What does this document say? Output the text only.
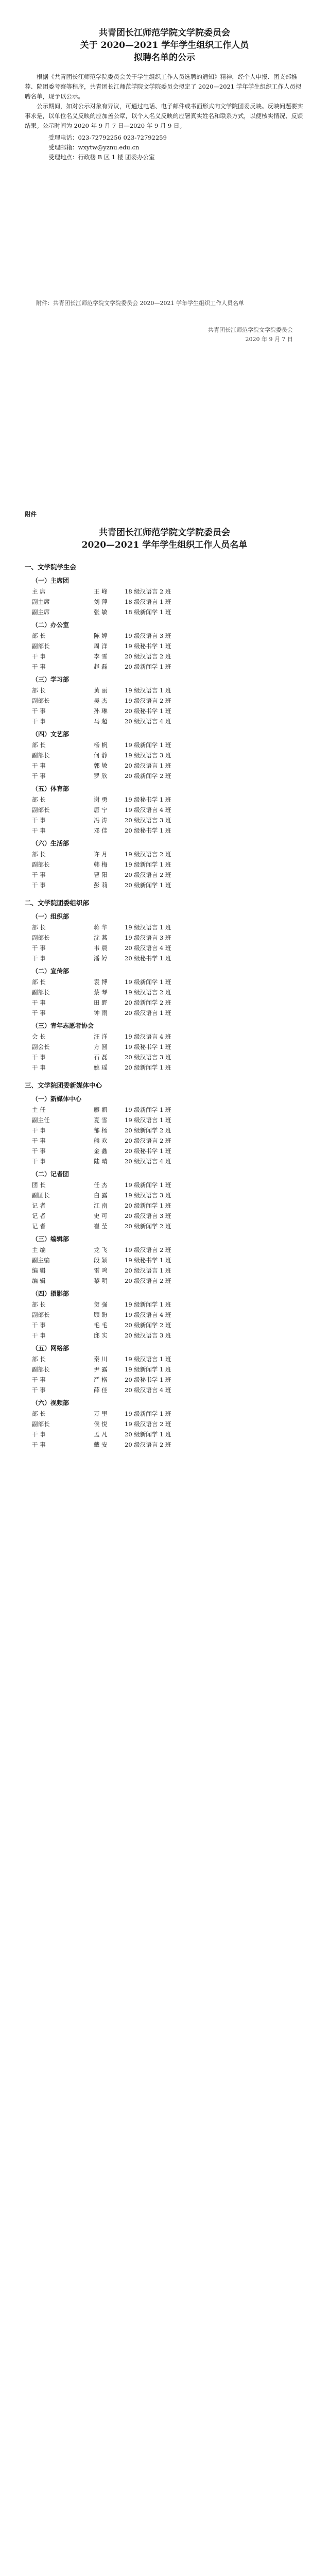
共青团长江师范学院文学院委员会
关于 2020—2021 学年学生组织工作人员
拟聘名单的公示

根据《共青团长江师范学院委员会关于学生组织工作人员选聘的通知》精神，经个人申报、团支部推荐、院团委考察等程序，共青团长江师范学院文学院委员会拟定了 2020—2021 学年学生组织工作人员拟聘名单，现予以公示。

公示期间，如对公示对象有异议，可通过电话、电子邮件或书面形式向文学院团委反映。反映问题要实事求是，以单位名义反映的应加盖公章，以个人名义反映的应署真实姓名和联系方式，以便核实情况、反馈结果。公示时间为 2020 年 9 月 7 日—2020 年 9 月 9 日。

受理电话：023-72792256 023-72792259

受理邮箱：wxytw@yznu.edu.cn

受理地点：行政楼 B 区 1 楼 团委办公室

附件：共青团长江师范学院文学院委员会 2020—2021 学年学生组织工作人员名单

共青团长江师范学院文学院委员会
2020 年 9 月 7 日
附件
共青团长江师范学院文学院委员会
2020—2021 学年学生组织工作人员名单
一、文学院学生会
（一）主席团
主 席	王 峰	18 级汉语言 2 班
副主席	刘 萍	18 级汉语言 1 班
副主席	张 敏	18 级新闻学 1 班
（二）办公室
部 长	陈 婷	19 级汉语言 3 班
副部长	周 洋	19 级秘书学 1 班
干 事	李 雪	20 级汉语言 2 班
干 事	赵 磊	20 级新闻学 1 班
（三）学习部
部 长	黄 丽	19 级汉语言 1 班
副部长	吴 杰	19 级汉语言 2 班
干 事	孙 琳	20 级秘书学 1 班
干 事	马 超	20 级汉语言 4 班
（四）文艺部
部 长	杨 帆	19 级新闻学 1 班
副部长	何 静	19 级汉语言 3 班
干 事	郭 敏	20 级汉语言 1 班
干 事	罗 欣	20 级新闻学 2 班
（五）体育部
部 长	谢 勇	19 级秘书学 1 班
副部长	唐 宁	19 级汉语言 4 班
干 事	冯 涛	20 级汉语言 3 班
干 事	邓 佳	20 级秘书学 1 班
（六）生活部
部 长	许 月	19 级汉语言 2 班
副部长	韩 梅	19 级新闻学 1 班
干 事	曹 阳	20 级汉语言 2 班
干 事	彭 莉	20 级新闻学 1 班
二、文学院团委组织部
（一）组织部
部 长	蒋 华	19 级汉语言 1 班
副部长	沈 燕	19 级汉语言 3 班
干 事	韦 晨	20 级汉语言 4 班
干 事	潘 婷	20 级秘书学 1 班
（二）宣传部
部 长	袁 博	19 级新闻学 1 班
副部长	蔡 琴	19 级汉语言 2 班
干 事	田 野	20 级新闻学 2 班
干 事	钟 雨	20 级汉语言 1 班
（三）青年志愿者协会
会 长	汪 洋	19 级汉语言 4 班
副会长	方 圆	19 级秘书学 1 班
干 事	石 磊	20 级汉语言 3 班
干 事	姚 瑶	20 级新闻学 1 班
三、文学院团委新媒体中心
（一）新媒体中心
主 任	廖 凯	19 级新闻学 1 班
副主任	夏 雪	19 级汉语言 1 班
干 事	邹 杨	20 级新闻学 2 班
干 事	熊 欢	20 级汉语言 2 班
干 事	金 鑫	20 级秘书学 1 班
干 事	陆 晴	20 级汉语言 4 班
（二）记者团
团 长	任 杰	19 级新闻学 1 班
副团长	白 露	19 级汉语言 3 班
记 者	江 南	20 级新闻学 1 班
记 者	史 可	20 级汉语言 3 班
记 者	崔 莹	20 级新闻学 2 班
（三）编辑部
主 编	龙 飞	19 级汉语言 2 班
副主编	段 颖	19 级秘书学 1 班
编 辑	雷 鸣	20 级汉语言 1 班
编 辑	黎 明	20 级汉语言 2 班
（四）摄影部
部 长	贺 强	19 级新闻学 1 班
副部长	顾 盼	19 级汉语言 4 班
干 事	毛 毛	20 级新闻学 2 班
干 事	邱 实	20 级汉语言 3 班
（五）网络部
部 长	秦 川	19 级汉语言 1 班
副部长	尹 露	19 级新闻学 1 班
干 事	严 格	20 级秘书学 1 班
干 事	薛 佳	20 级汉语言 4 班
（六）视频部
部 长	万 里	19 级新闻学 1 班
副部长	侯 悦	19 级汉语言 2 班
干 事	孟 凡	20 级新闻学 1 班
干 事	戴 安	20 级汉语言 2 班
